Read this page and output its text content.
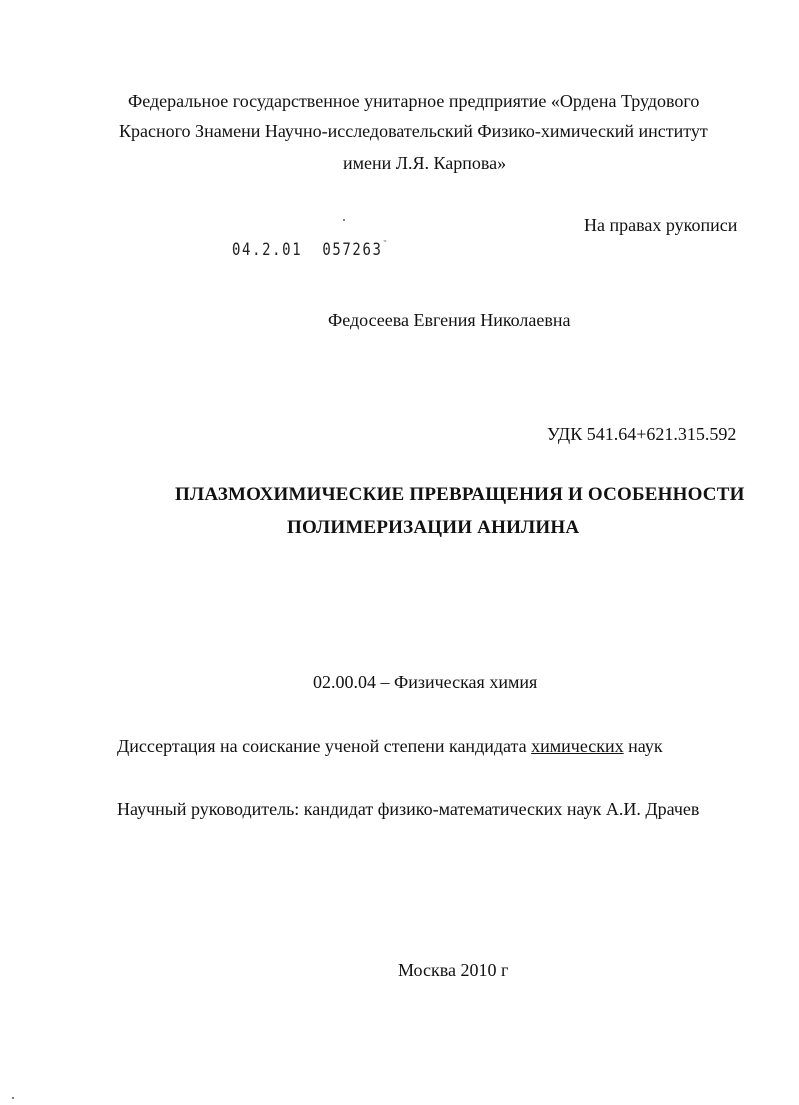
Федеральное государственное унитарное предприятие «Ордена Трудового
Красного Знамени Научно-исследовательский Физико-химический институт
имени Л.Я. Карпова»
На правах рукописи
04.2.01 057263¨
Федосеева Евгения Николаевна
УДК 541.64+621.315.592
ПЛАЗМОХИМИЧЕСКИЕ ПРЕВРАЩЕНИЯ И ОСОБЕННОСТИ
ПОЛИМЕРИЗАЦИИ АНИЛИНА
02.00.04 – Физическая химия
Диссертация на соискание ученой степени кандидата химических наук
Научный руководитель: кандидат физико-математических наук А.И. Драчев
Москва 2010 г
